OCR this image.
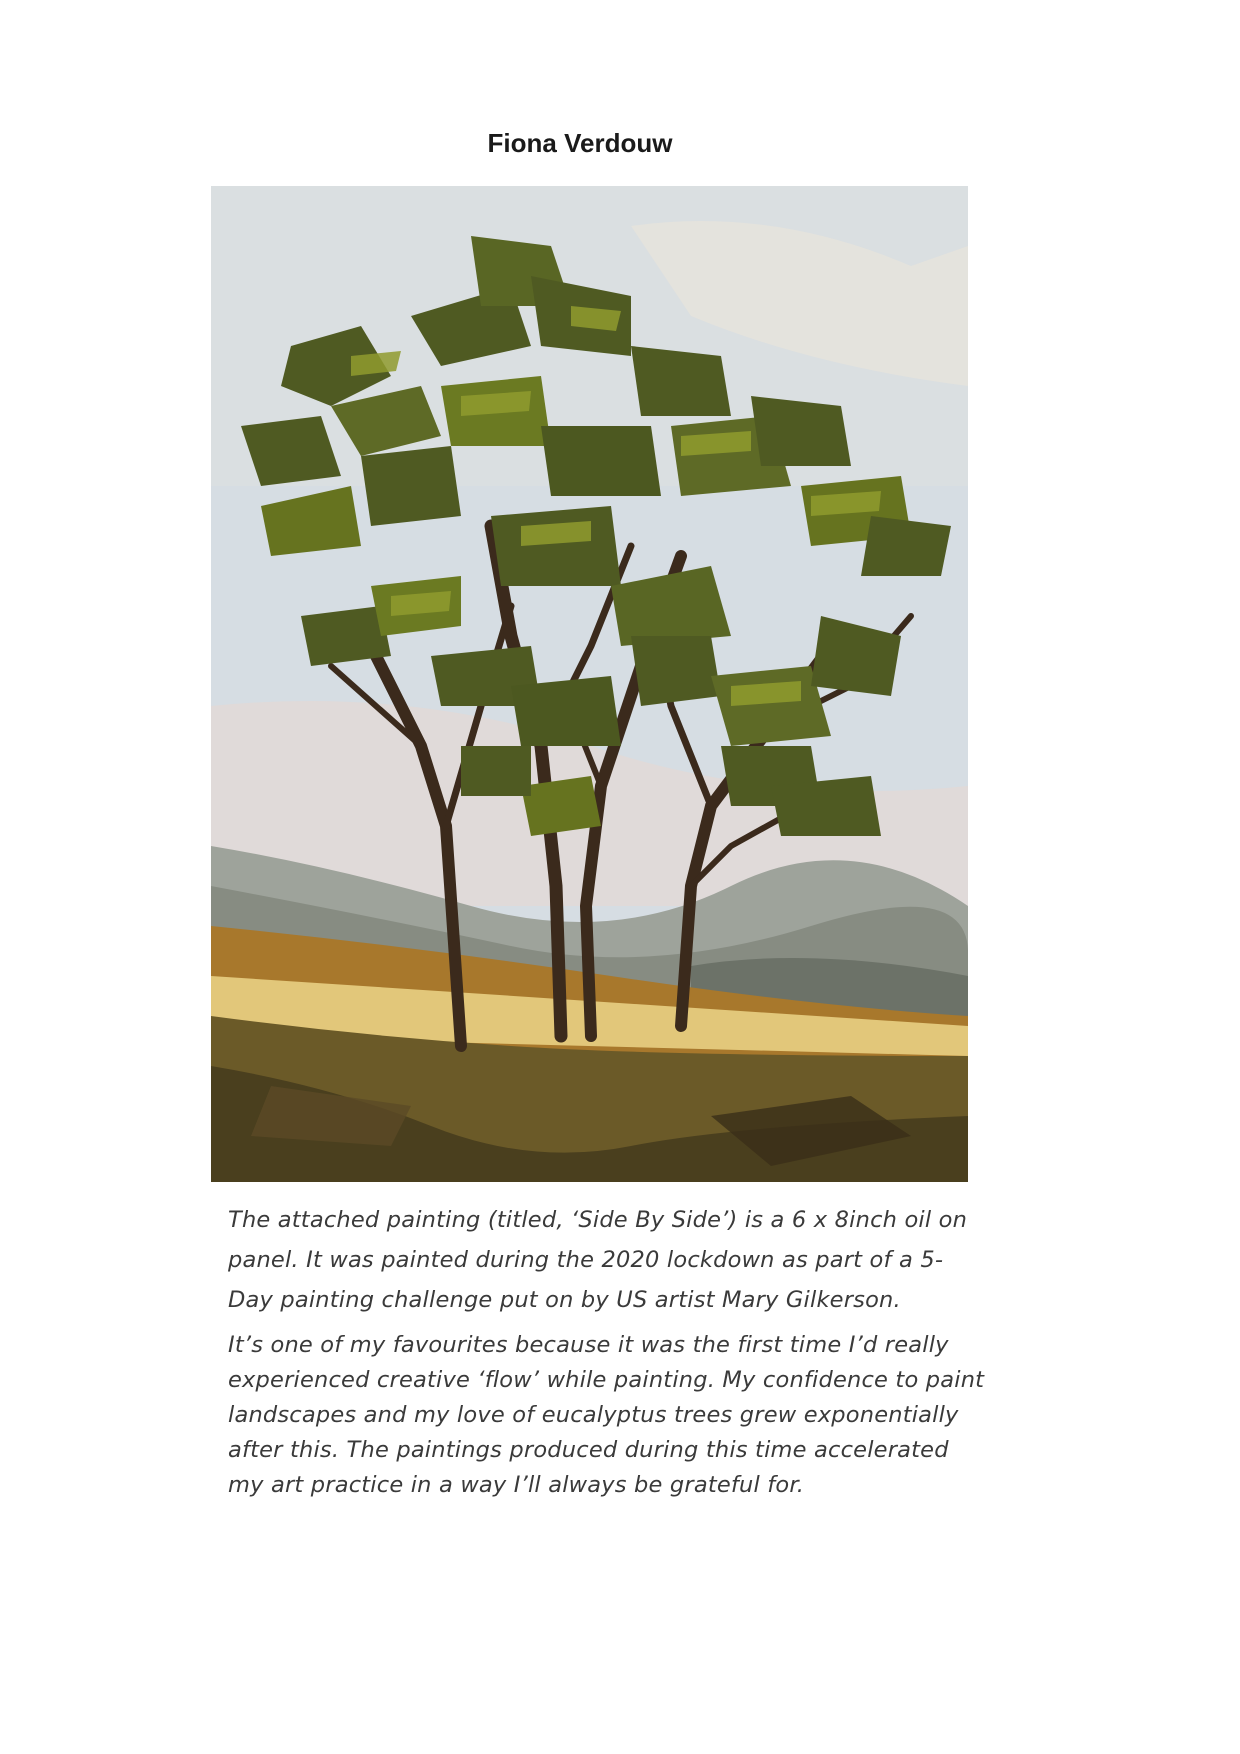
Fiona Verdouw

The attached painting (titled, ‘Side By Side’) is a 6 x 8inch oil on panel. It was painted during the 2020 lockdown as part of a 5-Day painting challenge put on by US artist Mary Gilkerson.

It’s one of my favourites because it was the first time I’d really experienced creative ‘flow’ while painting. My confidence to paint landscapes and my love of eucalyptus trees grew exponentially after this. The paintings produced during this time accelerated my art practice in a way I’ll always be grateful for.
